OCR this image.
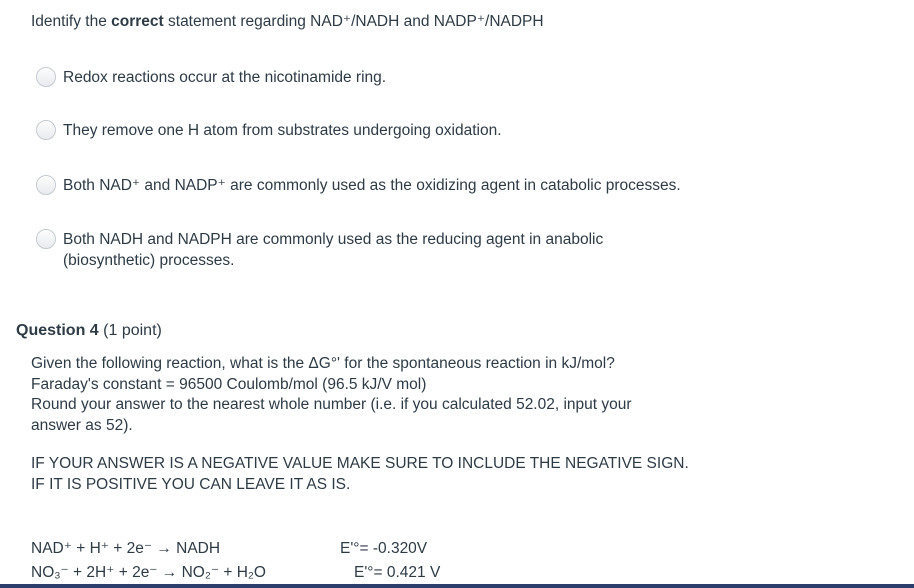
Identify the correct statement regarding NAD⁺/NADH and NADP⁺/NADPH
Redox reactions occur at the nicotinamide ring.
They remove one H atom from substrates undergoing oxidation.
Both NAD⁺ and NADP⁺ are commonly used as the oxidizing agent in catabolic processes.
Both NADH and NADPH are commonly used as the reducing agent in anabolic
(biosynthetic) processes.
Question 4 (1 point)
Given the following reaction, what is the ΔG°' for the spontaneous reaction in kJ/mol?
Faraday's constant = 96500 Coulomb/mol (96.5 kJ/V mol)
Round your answer to the nearest whole number (i.e. if you calculated 52.02, input your
answer as 52).
IF YOUR ANSWER IS A NEGATIVE VALUE MAKE SURE TO INCLUDE THE NEGATIVE SIGN.
IF IT IS POSITIVE YOU CAN LEAVE IT AS IS.
NAD⁺ + H⁺ + 2e⁻ → NADH	E'°= -0.320V
NO₃⁻ + 2H⁺ + 2e⁻ → NO₂⁻ + H₂O	E'°= 0.421 V
